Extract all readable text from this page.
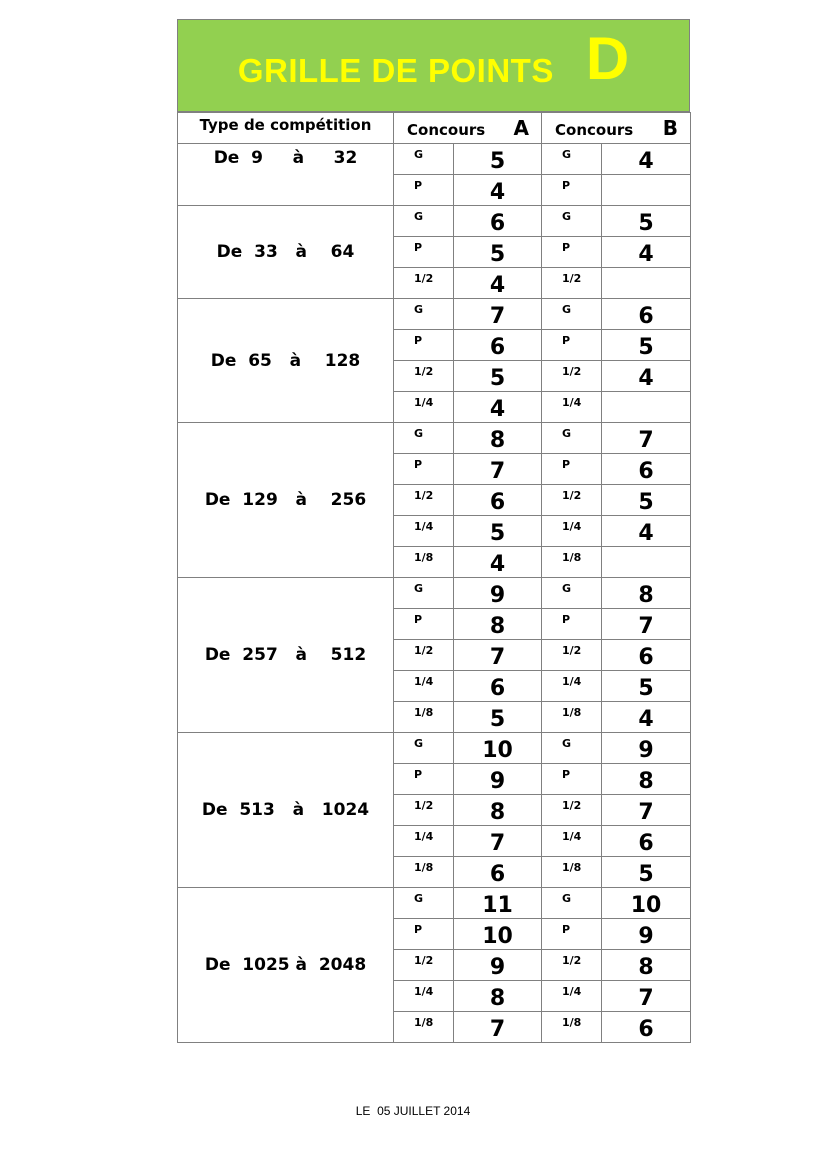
GRILLE DE POINTS D
Type de compétition	Concours A		Concours B	

De  9     à     32	G	5	G	4
	P	4	P	
De  33   à    64	G	6	G	5
	P	5	P	4
	1/2	4	1/2	
De  65   à    128	G	7	G	6
	P	6	P	5
	1/2	5	1/2	4
	1/4	4	1/4	
De  129   à    256	G	8	G	7
	P	7	P	6
	1/2	6	1/2	5
	1/4	5	1/4	4
	1/8	4	1/8	
De  257   à    512	G	9	G	8
	P	8	P	7
	1/2	7	1/2	6
	1/4	6	1/4	5
	1/8	5	1/8	4
De  513   à   1024	G	10	G	9
	P	9	P	8
	1/2	8	1/2	7
	1/4	7	1/4	6
	1/8	6	1/8	5
De  1025 à  2048	G	11	G	10
	P	10	P	9
	1/2	9	1/2	8
	1/4	8	1/4	7
	1/8	7	1/8	6
LE  05 JUILLET 2014
